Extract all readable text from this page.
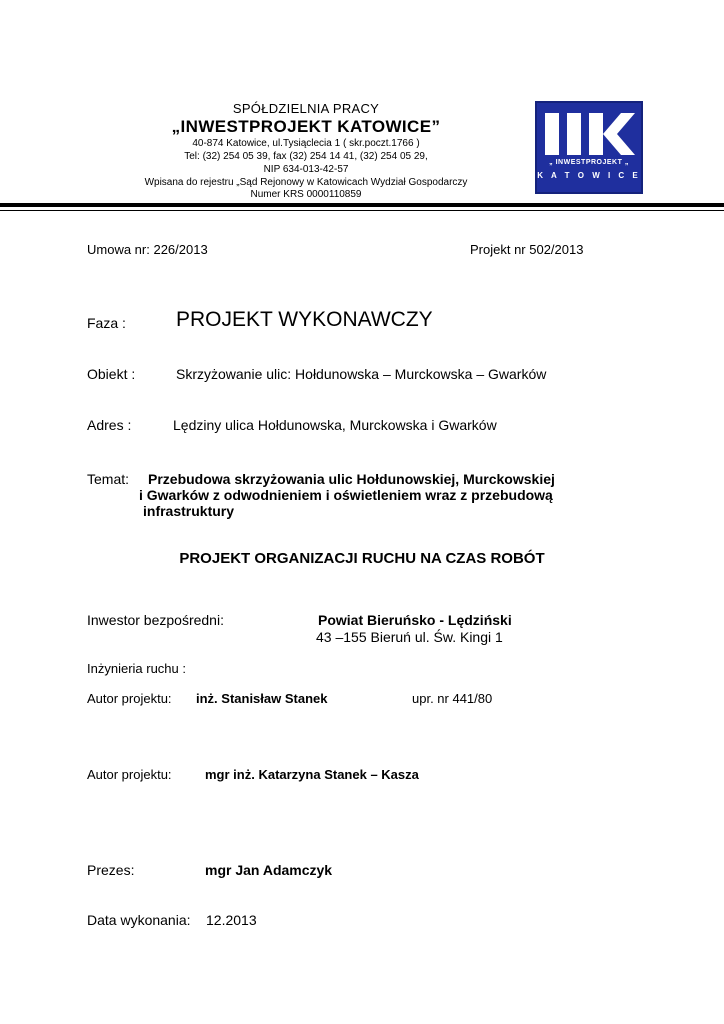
SPÓŁDZIELNIA PRACY
„INWESTPROJEKT KATOWICE”
40-874 Katowice, ul.Tysiąclecia 1 ( skr.poczt.1766 )
Tel: (32) 254 05 39, fax (32) 254 14 41, (32) 254 05 29,
NIP 634-013-42-57
Wpisana do rejestru „Sąd Rejonowy w Katowicach Wydział Gospodarczy
Numer KRS 0000110859
„ INWESTPROJEKT „
K A T O W I C E
Umowa nr: 226/2013	Projekt nr 502/2013
Faza : PROJEKT WYKONAWCZY
Obiekt :	Skrzyżowanie ulic: Hołdunowska – Murckowska – Gwarków
Adres :	Lędziny ulica Hołdunowska, Murckowska i Gwarków
Temat: Przebudowa skrzyżowania ulic Hołdunowskiej, Murckowskiej
i Gwarków z odwodnieniem i oświetleniem wraz z przebudową
infrastruktury
PROJEKT ORGANIZACJI RUCHU NA CZAS ROBÓT
Inwestor bezpośredni:	Powiat Bieruńsko - Lędziński
43 –155 Bieruń ul. Św. Kingi 1
Inżynieria ruchu :
Autor projektu: inż. Stanisław Stanek	upr. nr 441/80
Autor projektu:	mgr inż. Katarzyna Stanek – Kasza
Prezes:	mgr Jan Adamczyk
Data wykonania: 12.2013
